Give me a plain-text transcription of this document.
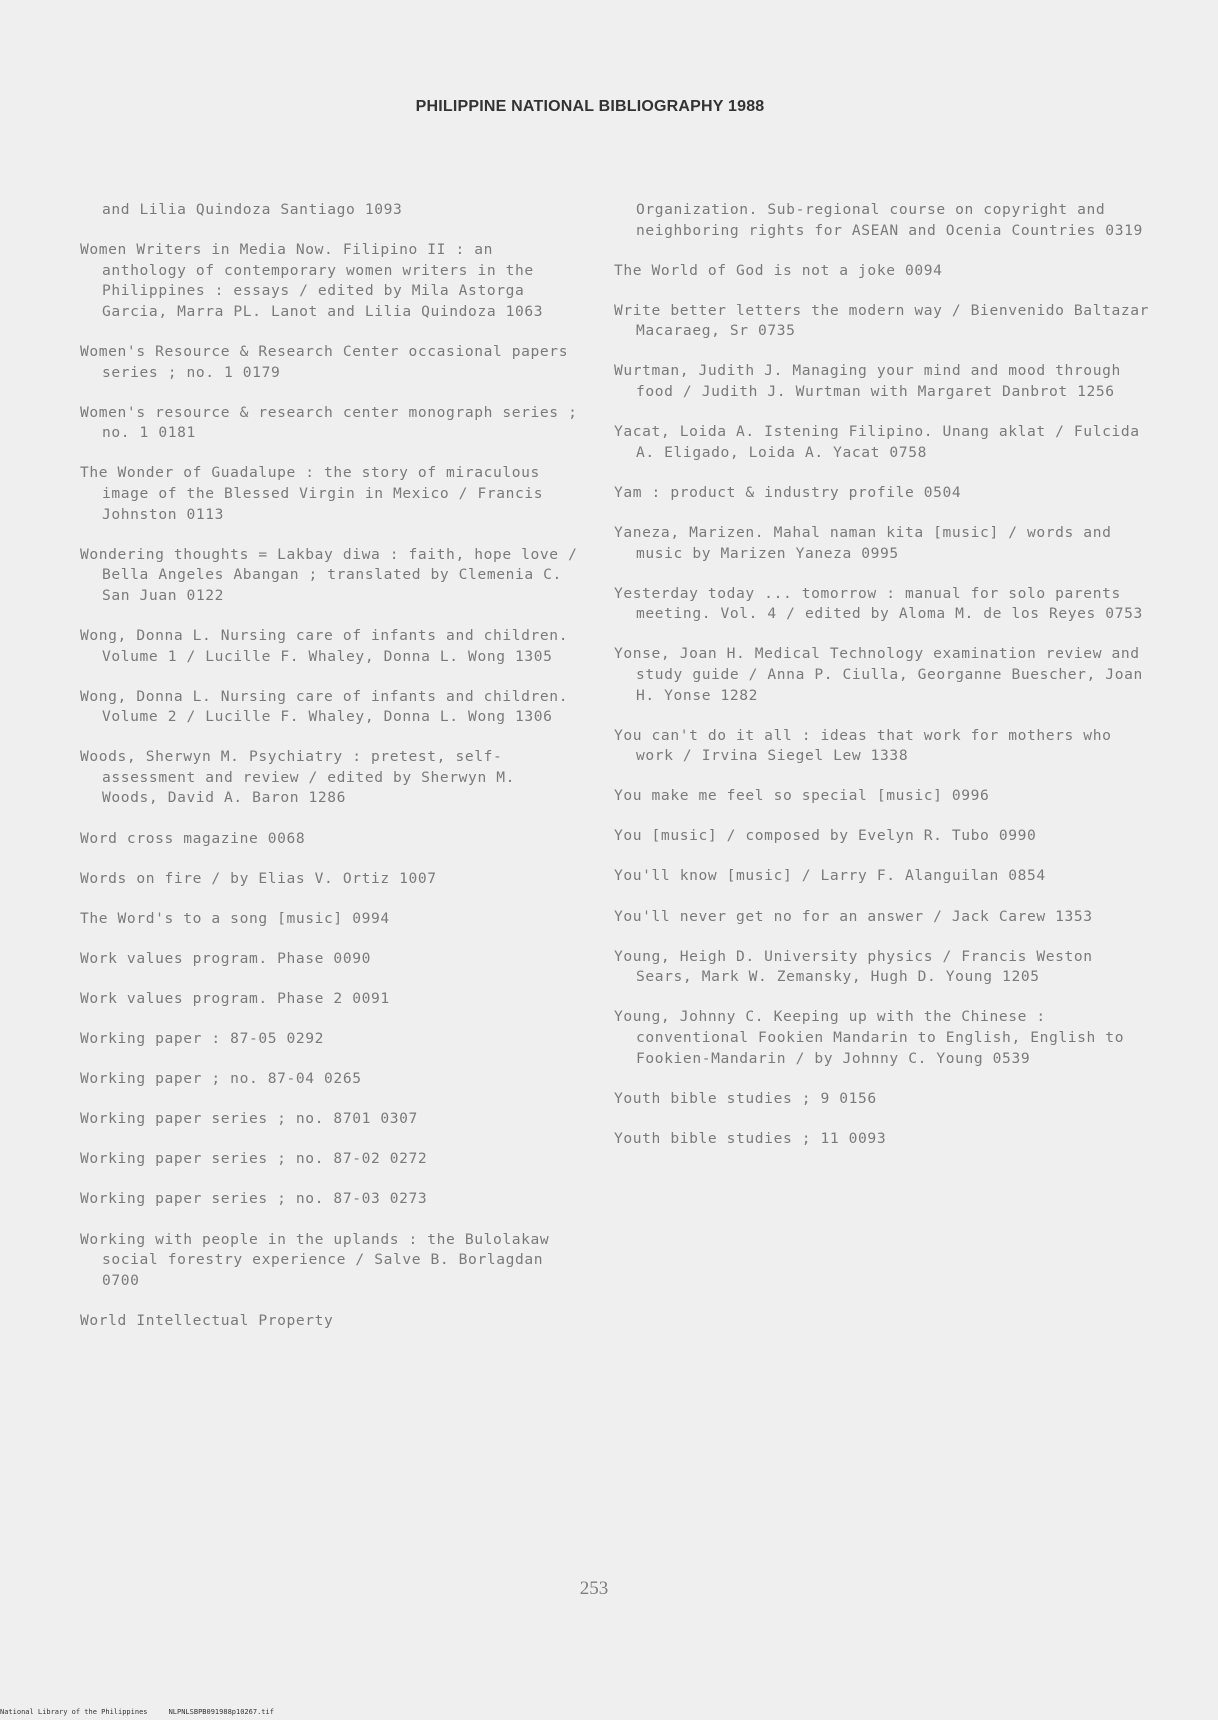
PHILIPPINE NATIONAL BIBLIOGRAPHY 1988

and Lilia Quindoza Santiago 1093

Women Writers in Media Now. Filipino II : an anthology of contemporary women writers in the Philippines : essays / edited by Mila Astorga Garcia, Marra PL. Lanot and Lilia Quindoza 1063

Women's Resource & Research Center occasional papers series ; no. 1 0179

Women's resource & research center monograph series ; no. 1 0181

The Wonder of Guadalupe : the story of miraculous image of the Blessed Virgin in Mexico / Francis Johnston 0113

Wondering thoughts = Lakbay diwa : faith, hope love / Bella Angeles Abangan ; translated by Clemenia C. San Juan 0122

Wong, Donna L. Nursing care of infants and children. Volume 1 / Lucille F. Whaley, Donna L. Wong 1305

Wong, Donna L. Nursing care of infants and children. Volume 2 / Lucille F. Whaley, Donna L. Wong 1306

Woods, Sherwyn M. Psychiatry : pretest, self-assessment and review / edited by Sherwyn M. Woods, David A. Baron 1286

Word cross magazine 0068

Words on fire / by Elias V. Ortiz 1007

The Word's to a song [music] 0994

Work values program. Phase 0090

Work values program. Phase 2 0091

Working paper : 87-05 0292

Working paper ; no. 87-04 0265

Working paper series ; no. 8701 0307

Working paper series ; no. 87-02 0272

Working paper series ; no. 87-03 0273

Working with people in the uplands : the Bulolakaw social forestry experience / Salve B. Borlagdan 0700

World Intellectual Property

Organization. Sub-regional course on copyright and neighboring rights for ASEAN and Ocenia Countries 0319

The World of God is not a joke 0094

Write better letters the modern way / Bienvenido Baltazar Macaraeg, Sr 0735

Wurtman, Judith J. Managing your mind and mood through food / Judith J. Wurtman with Margaret Danbrot 1256

Yacat, Loida A. Istening Filipino. Unang aklat / Fulcida A. Eligado, Loida A. Yacat 0758

Yam : product & industry profile 0504

Yaneza, Marizen. Mahal naman kita [music] / words and music by Marizen Yaneza 0995

Yesterday today ... tomorrow : manual for solo parents meeting. Vol. 4 / edited by Aloma M. de los Reyes 0753

Yonse, Joan H. Medical Technology examination review and study guide / Anna P. Ciulla, Georganne Buescher, Joan H. Yonse 1282

You can't do it all : ideas that work for mothers who work / Irvina Siegel Lew 1338

You make me feel so special [music] 0996

You [music] / composed by Evelyn R. Tubo 0990

You'll know [music] / Larry F. Alanguilan 0854

You'll never get no for an answer / Jack Carew 1353

Young, Heigh D. University physics / Francis Weston Sears, Mark W. Zemansky, Hugh D. Young 1205

Young, Johnny C. Keeping up with the Chinese : conventional Fookien Mandarin to English, English to Fookien-Mandarin / by Johnny C. Young 0539

Youth bible studies ; 9 0156

Youth bible studies ; 11 0093

253
National Library of the Philippines     NLPNLSBPB091988p10267.tif
